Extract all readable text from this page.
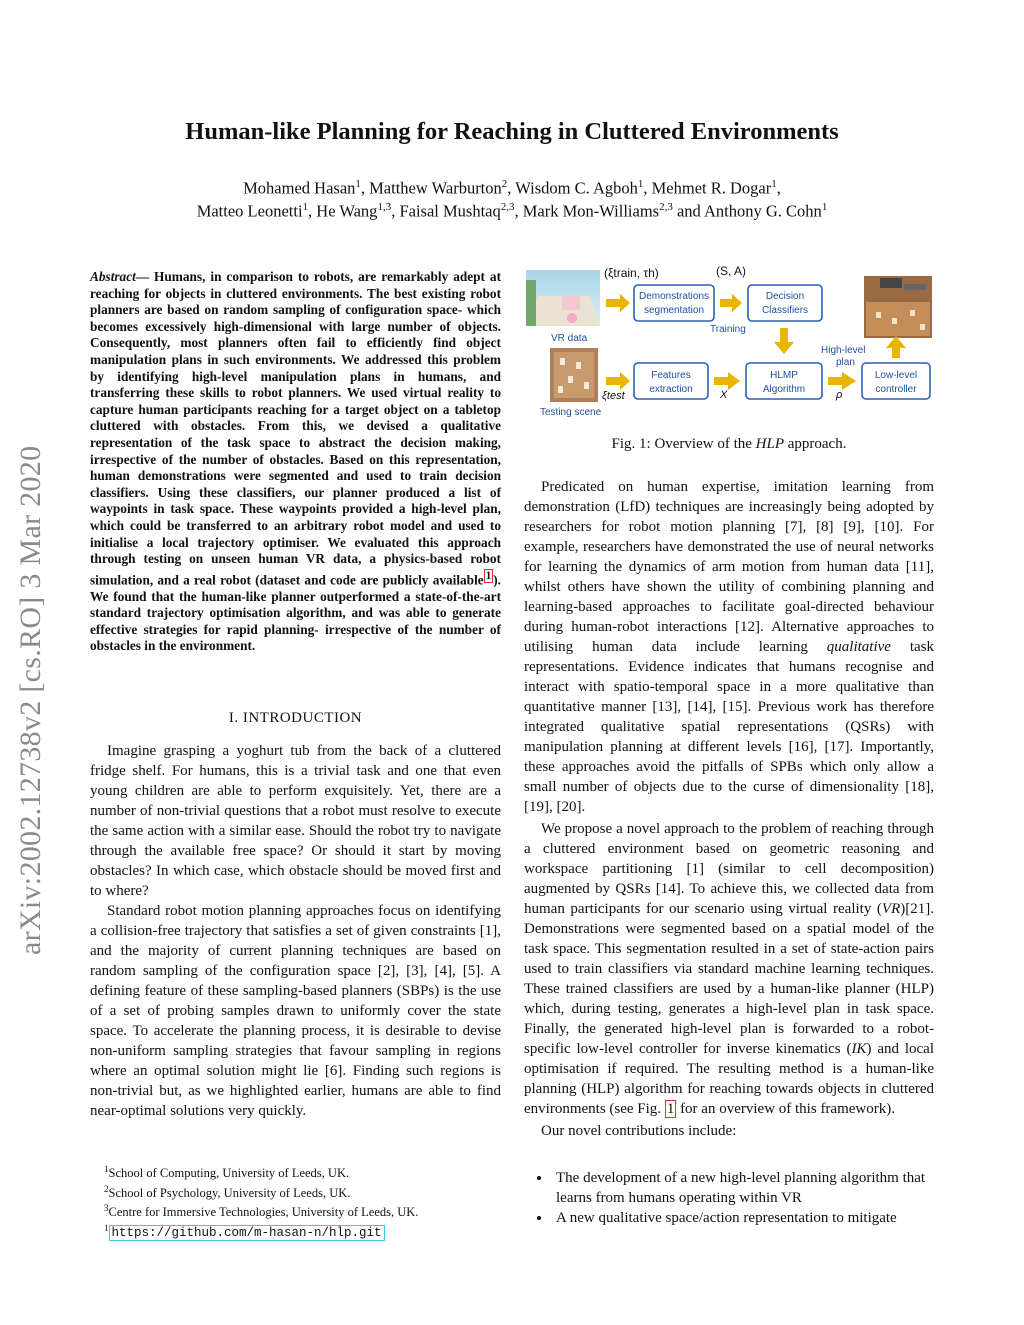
arXiv:2002.12738v2 [cs.RO] 3 Mar 2020
Human-like Planning for Reaching in Cluttered Environments
Mohamed Hasan$^1$, Matthew Warburton$^2$, Wisdom C. Agboh$^1$, Mehmet R. Dogar$^1$,
Matteo Leonetti$^1$, He Wang$^{1,3}$, Faisal Mushtaq$^{2,3}$, Mark Mon-Williams$^{2,3}$ and Anthony G. Cohn$^1$
Abstract— Humans, in comparison to robots, are remarkably adept at reaching for objects in cluttered environments. The best existing robot planners are based on random sampling of configuration space- which becomes excessively high-dimensional with large number of objects. Consequently, most planners often fail to efficiently find object manipulation plans in such environments. We addressed this problem by identifying high-level manipulation plans in humans, and transferring these skills to robot planners. We used virtual reality to capture human participants reaching for a target object on a tabletop cluttered with obstacles. From this, we devised a qualitative representation of the task space to abstract the decision making, irrespective of the number of obstacles. Based on this representation, human demonstrations were segmented and used to train decision classifiers. Using these classifiers, our planner produced a list of waypoints in task space. These waypoints provided a high-level plan, which could be transferred to an arbitrary robot model and used to initialise a local trajectory optimiser. We evaluated this approach through testing on unseen human VR data, a physics-based robot simulation, and a real robot (dataset and code are publicly available $^1$ ). We found that the human-like planner outperformed a state-of-the-art standard trajectory optimisation algorithm, and was able to generate effective strategies for rapid planning- irrespective of the number of obstacles in the environment.
I. INTRODUCTION

Imagine grasping a yoghurt tub from the back of a cluttered fridge shelf. For humans, this is a trivial task and one that even young children are able to perform exquisitely. Yet, there are a number of non-trivial questions that a robot must resolve to execute the same action with a similar ease. Should the robot try to navigate through the available free space? Or should it start by moving obstacles? In which case, which obstacle should be moved first and to where?

Standard robot motion planning approaches focus on identifying a collision-free trajectory that satisfies a set of given constraints [1], and the majority of current planning techniques are based on random sampling of the configuration space [2], [3], [4], [5]. A defining feature of these sampling-based planners (SBPs) is the use of a set of probing samples drawn to uniformly cover the state space. To accelerate the planning process, it is desirable to devise non-uniform sampling strategies that favour sampling in regions where an optimal solution might lie [6]. Finding such regions is non-trivial but, as we highlighted earlier, humans are able to find near-optimal solutions very quickly.

$^1$School of Computing, University of Leeds, UK.
$^2$School of Psychology, University of Leeds, UK.
$^3$Centre for Immersive Technologies, University of Leeds, UK.
$^1$ https://github.com/m-hasan-n/hlp.git
(ξtrain, τh)	(S, A)
Demonstrations
segmentation
Decision
Classifiers
Training
VR data
Features
extraction
HLMP
Algorithm
Low-level
controller
High-level
plan
ξtest	X	ρ
Testing scene
Fig. 1: Overview of the HLP approach.

Predicated on human expertise, imitation learning from demonstration (LfD) techniques are increasingly being adopted by researchers for robot motion planning [7], [8] [9], [10]. For example, researchers have demonstrated the use of neural networks for learning the dynamics of arm motion from human data [11], whilst others have shown the utility of combining planning and learning-based approaches to facilitate goal-directed behaviour during human-robot interactions [12]. Alternative approaches to utilising human data include learning qualitative task representations. Evidence indicates that humans recognise and interact with spatio-temporal space in a more qualitative than quantitative manner [13], [14], [15]. Previous work has therefore integrated qualitative spatial representations (QSRs) with manipulation planning at different levels [16], [17]. Importantly, these approaches avoid the pitfalls of SPBs which only allow a small number of objects due to the curse of dimensionality [18], [19], [20].

We propose a novel approach to the problem of reaching through a cluttered environment based on geometric reasoning and workspace partitioning [1] (similar to cell decomposition) augmented by QSRs [14]. To achieve this, we collected data from human participants for our scenario using virtual reality (VR)[21]. Demonstrations were segmented based on a spatial model of the task space. This segmentation resulted in a set of state-action pairs used to train classifiers via standard machine learning techniques. These trained classifiers are used by a human-like planner (HLP) which, during testing, generates a high-level plan in task space. Finally, the generated high-level plan is forwarded to a robot-specific low-level controller for inverse kinematics (IK) and local optimisation if required. The resulting method is a human-like planning (HLP) algorithm for reaching towards objects in cluttered environments (see Fig. 1 for an overview of this framework).

Our novel contributions include:

• The development of a new high-level planning algorithm that learns from humans operating within VR
• A new qualitative space/action representation to mitigate
